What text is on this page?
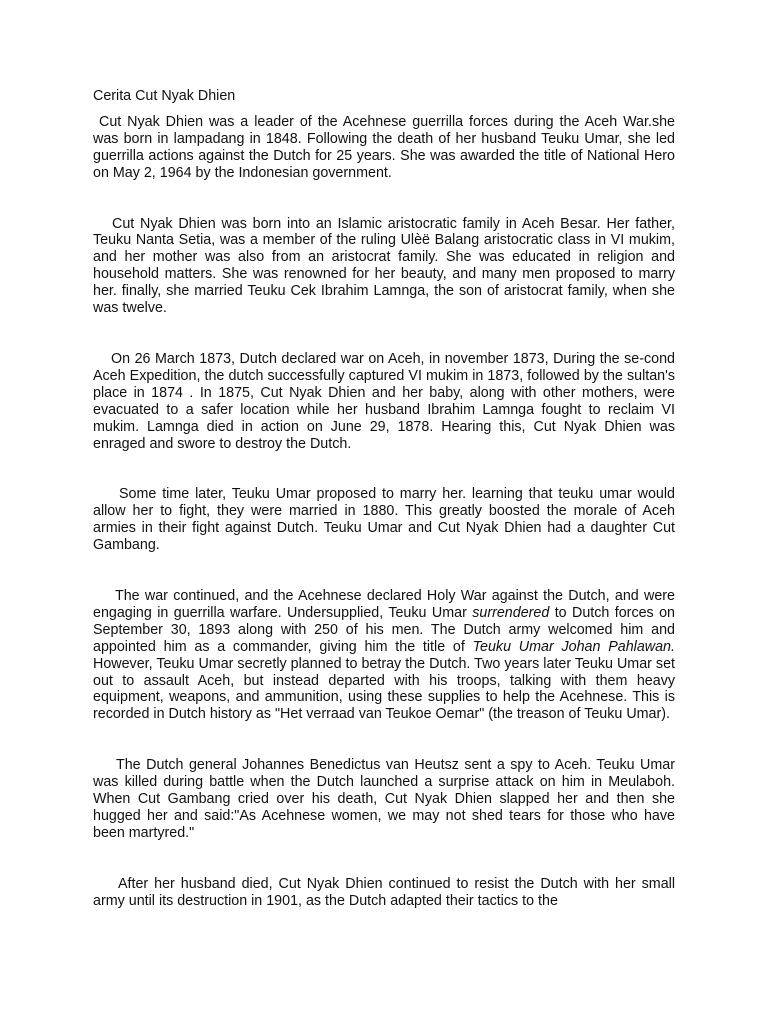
Cerita Cut Nyak Dhien

Cut Nyak Dhien was a leader of the Acehnese guerrilla forces during the Aceh War.she was born in lampadang in 1848. Following the death of her husband Teuku Umar, she led guerrilla actions against the Dutch for 25 years. She was awarded the title of National Hero on May 2, 1964 by the Indonesian government.

Cut Nyak Dhien was born into an Islamic aristocratic family in Aceh Besar. Her father, Teuku Nanta Setia, was a member of the ruling Ulèë Balang aristocratic class in VI mukim, and her mother was also from an aristocrat family. She was educated in religion and household matters. She was renowned for her beauty, and many men proposed to marry her. finally, she married Teuku Cek Ibrahim Lamnga, the son of aristocrat family, when she was twelve.

On 26 March 1873, Dutch declared war on Aceh, in november 1873, During the se-cond Aceh Expedition, the dutch successfully captured VI mukim in 1873, followed by the sultan's place in 1874 . In 1875, Cut Nyak Dhien and her baby, along with other mothers, were evacuated to a safer location while her husband Ibrahim Lamnga fought to reclaim VI mukim. Lamnga died in action on June 29, 1878. Hearing this, Cut Nyak Dhien was enraged and swore to destroy the Dutch.

Some time later, Teuku Umar proposed to marry her. learning that teuku umar would allow her to fight, they were married in 1880. This greatly boosted the morale of Aceh armies in their fight against Dutch. Teuku Umar and Cut Nyak Dhien had a daughter Cut Gambang.

The war continued, and the Acehnese declared Holy War against the Dutch, and were engaging in guerrilla warfare. Undersupplied, Teuku Umar surrendered to Dutch forces on September 30, 1893 along with 250 of his men. The Dutch army welcomed him and appointed him as a commander, giving him the title of Teuku Umar Johan Pahlawan. However, Teuku Umar secretly planned to betray the Dutch. Two years later Teuku Umar set out to assault Aceh, but instead departed with his troops, talking with them heavy equipment, weapons, and ammunition, using these supplies to help the Acehnese. This is recorded in Dutch history as "Het verraad van Teukoe Oemar" (the treason of Teuku Umar).

The Dutch general Johannes Benedictus van Heutsz sent a spy to Aceh. Teuku Umar was killed during battle when the Dutch launched a surprise attack on him in Meulaboh. When Cut Gambang cried over his death, Cut Nyak Dhien slapped her and then she hugged her and said:"As Acehnese women, we may not shed tears for those who have been martyred."

After her husband died, Cut Nyak Dhien continued to resist the Dutch with her small army until its destruction in 1901, as the Dutch adapted their tactics to the
